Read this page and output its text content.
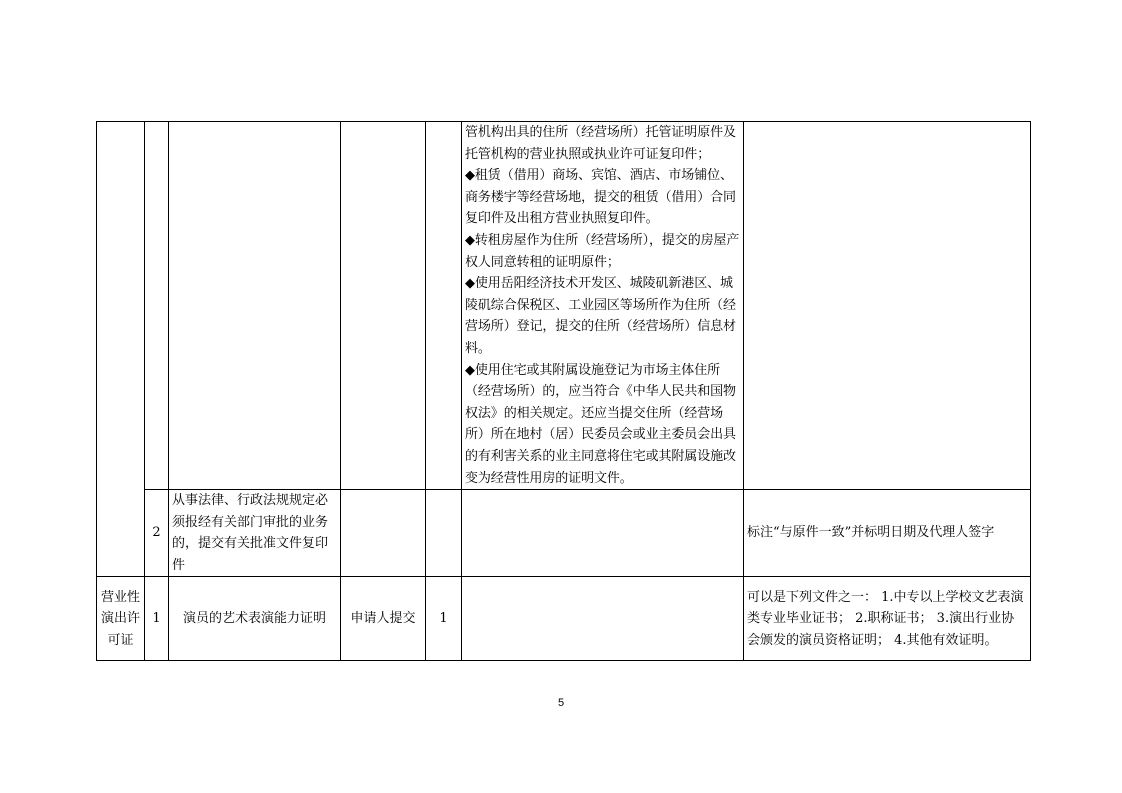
					管机构出具的住所（经营场所）托管证明原件及托管机构的营业执照或执业许可证复印件；
◆租赁（借用）商场、宾馆、酒店、市场铺位、商务楼宇等经营场地，提交的租赁（借用）合同复印件及出租方营业执照复印件。
◆转租房屋作为住所（经营场所），提交的房屋产权人同意转租的证明原件；
◆使用岳阳经济技术开发区、城陵矶新港区、城陵矶综合保税区、工业园区等场所作为住所（经营场所）登记，提交的住所（经营场所）信息材料。
◆使用住宅或其附属设施登记为市场主体住所（经营场所）的，应当符合《中华人民共和国物权法》的相关规定。还应当提交住所（经营场所）所在地村（居）民委员会或业主委员会出具的有利害关系的业主同意将住宅或其附属设施改变为经营性用房的证明文件。	
	2	从事法律、行政法规规定必须报经有关部门审批的业务的，提交有关批准文件复印件				标注“与原件一致”并标明日期及代理人签字
营业性演出许可证	1	演员的艺术表演能力证明	申请人提交	1		可以是下列文件之一： 1.中专以上学校文艺表演类专业毕业证书； 2.职称证书； 3.演出行业协会颁发的演员资格证明； 4.其他有效证明。
5
